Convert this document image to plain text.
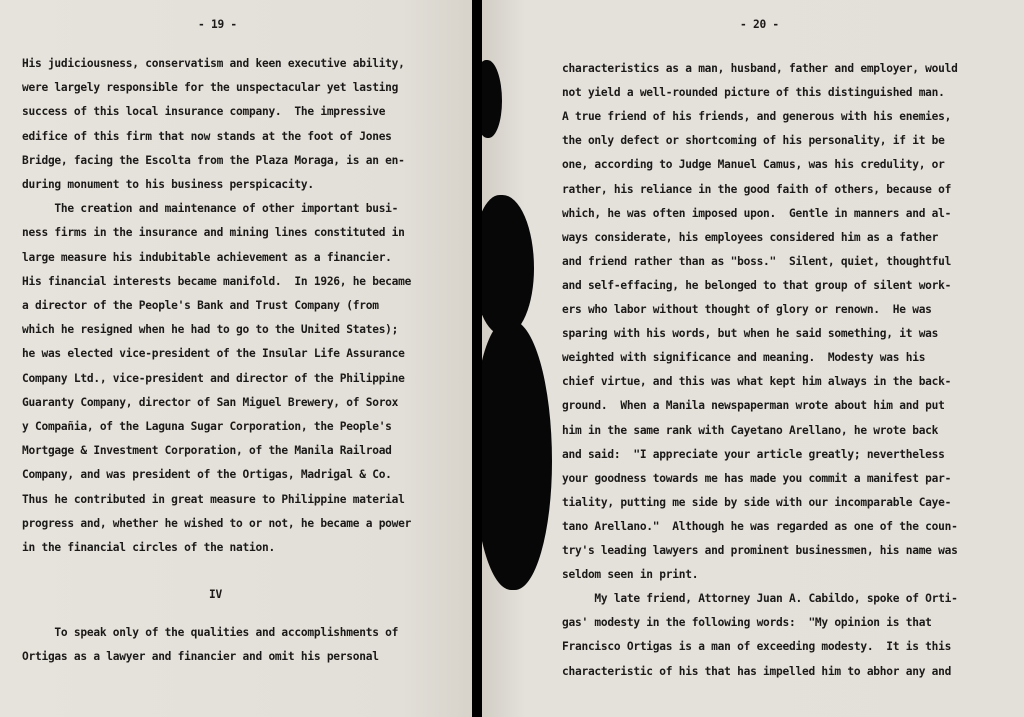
- 19 -
His judiciousness, conservatism and keen executive ability,
were largely responsible for the unspectacular yet lasting
success of this local insurance company.  The impressive
edifice of this firm that now stands at the foot of Jones
Bridge, facing the Escolta from the Plaza Moraga, is an en-
during monument to his business perspicacity.
The creation and maintenance of other important busi-
ness firms in the insurance and mining lines constituted in
large measure his indubitable achievement as a financier.
His financial interests became manifold.  In 1926, he became
a director of the People's Bank and Trust Company (from
which he resigned when he had to go to the United States);
he was elected vice-president of the Insular Life Assurance
Company Ltd., vice-president and director of the Philippine
Guaranty Company, director of San Miguel Brewery, of Sorox
y Compañia, of the Laguna Sugar Corporation, the People's
Mortgage & Investment Corporation, of the Manila Railroad
Company, and was president of the Ortigas, Madrigal & Co.
Thus he contributed in great measure to Philippine material
progress and, whether he wished to or not, he became a power
in the financial circles of the nation.
IV
To speak only of the qualities and accomplishments of
Ortigas as a lawyer and financier and omit his personal
- 20 -
characteristics as a man, husband, father and employer, would
not yield a well-rounded picture of this distinguished man.
A true friend of his friends, and generous with his enemies,
the only defect or shortcoming of his personality, if it be
one, according to Judge Manuel Camus, was his credulity, or
rather, his reliance in the good faith of others, because of
which, he was often imposed upon.  Gentle in manners and al-
ways considerate, his employees considered him as a father
and friend rather than as "boss."  Silent, quiet, thoughtful
and self-effacing, he belonged to that group of silent work-
ers who labor without thought of glory or renown.  He was
sparing with his words, but when he said something, it was
weighted with significance and meaning.  Modesty was his
chief virtue, and this was what kept him always in the back-
ground.  When a Manila newspaperman wrote about him and put
him in the same rank with Cayetano Arellano, he wrote back
and said:  "I appreciate your article greatly; nevertheless
your goodness towards me has made you commit a manifest par-
tiality, putting me side by side with our incomparable Caye-
tano Arellano."  Although he was regarded as one of the coun-
try's leading lawyers and prominent businessmen, his name was
seldom seen in print.
My late friend, Attorney Juan A. Cabildo, spoke of Orti-
gas' modesty in the following words:  "My opinion is that
Francisco Ortigas is a man of exceeding modesty.  It is this
characteristic of his that has impelled him to abhor any and
